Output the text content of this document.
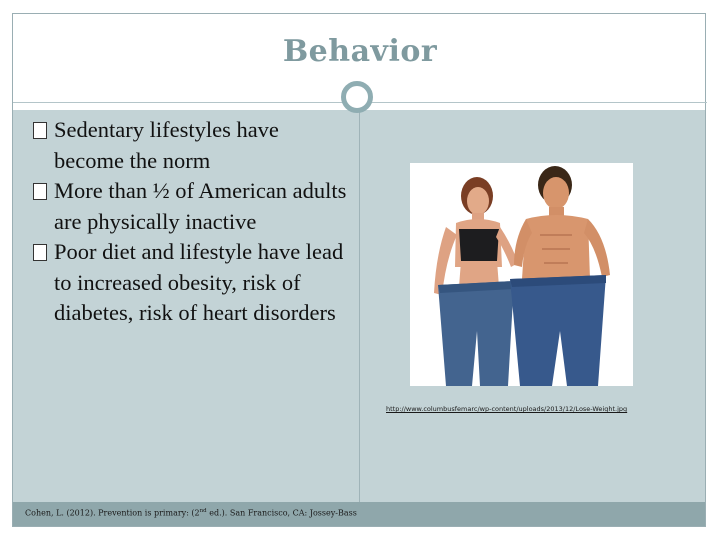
Behavior
Sedentary lifestyles have become the norm
More than ½ of American adults are physically inactive
Poor diet and lifestyle have lead to increased obesity, risk of diabetes, risk of heart disorders
http://www.columbusfemarc/wp-content/uploads/2013/12/Lose-Weight.jpg
Cohen, L. (2012). Prevention is primary: (2nd ed.). San Francisco, CA: Jossey-Bass
